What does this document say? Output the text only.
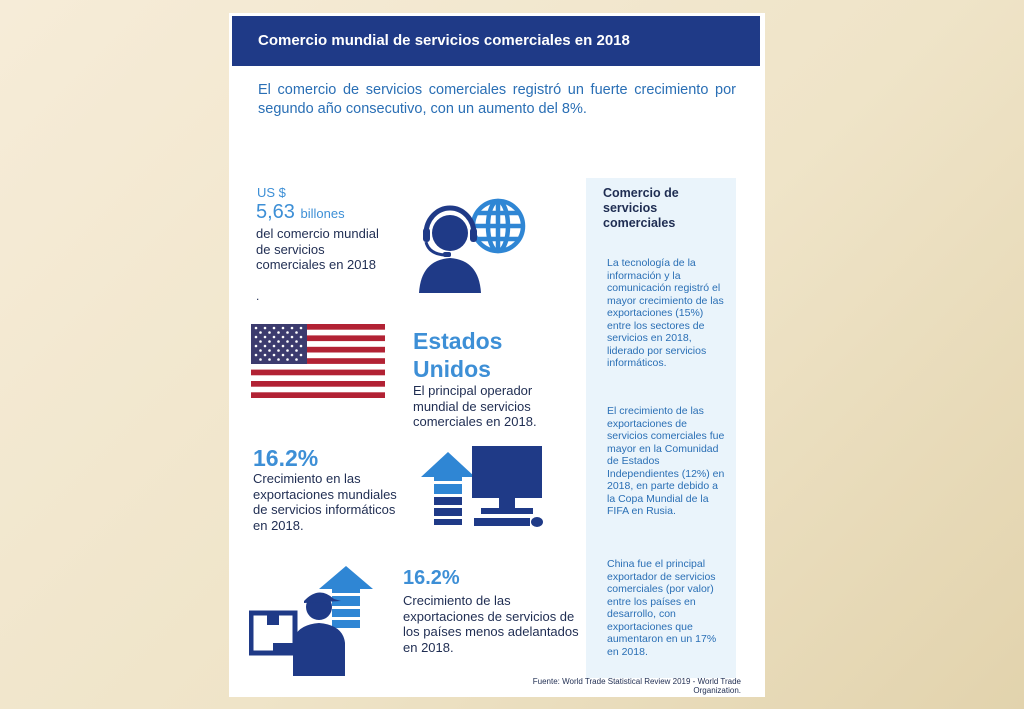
Comercio mundial de servicios comerciales en 2018
El comercio de servicios comerciales registró un fuerte crecimiento por segundo año consecutivo, con un aumento del 8%.
US $
5,63 billones
del comercio mundial de servicios comerciales en 2018
.
Estados Unidos
El principal operador mundial de servicios comerciales en 2018.
16.2%
Crecimiento en las exportaciones mundiales de servicios informáticos en 2018.
16.2%
Crecimiento de las exportaciones de servicios de los países menos adelantados en 2018.
Comercio de servicios comerciales
La tecnología de la información y la comunicación registró el mayor crecimiento de las exportaciones (15%) entre los sectores de servicios en 2018, liderado por servicios informáticos.
El crecimiento de las exportaciones de servicios comerciales fue mayor en la Comunidad de Estados Independientes (12%) en 2018, en parte debido a la Copa Mundial de la FIFA en Rusia.
China fue el principal exportador de servicios comerciales (por valor) entre los países en desarrollo, con exportaciones que aumentaron en un 17% en 2018.
Fuente: World Trade Statistical Review 2019 - World Trade Organization.
